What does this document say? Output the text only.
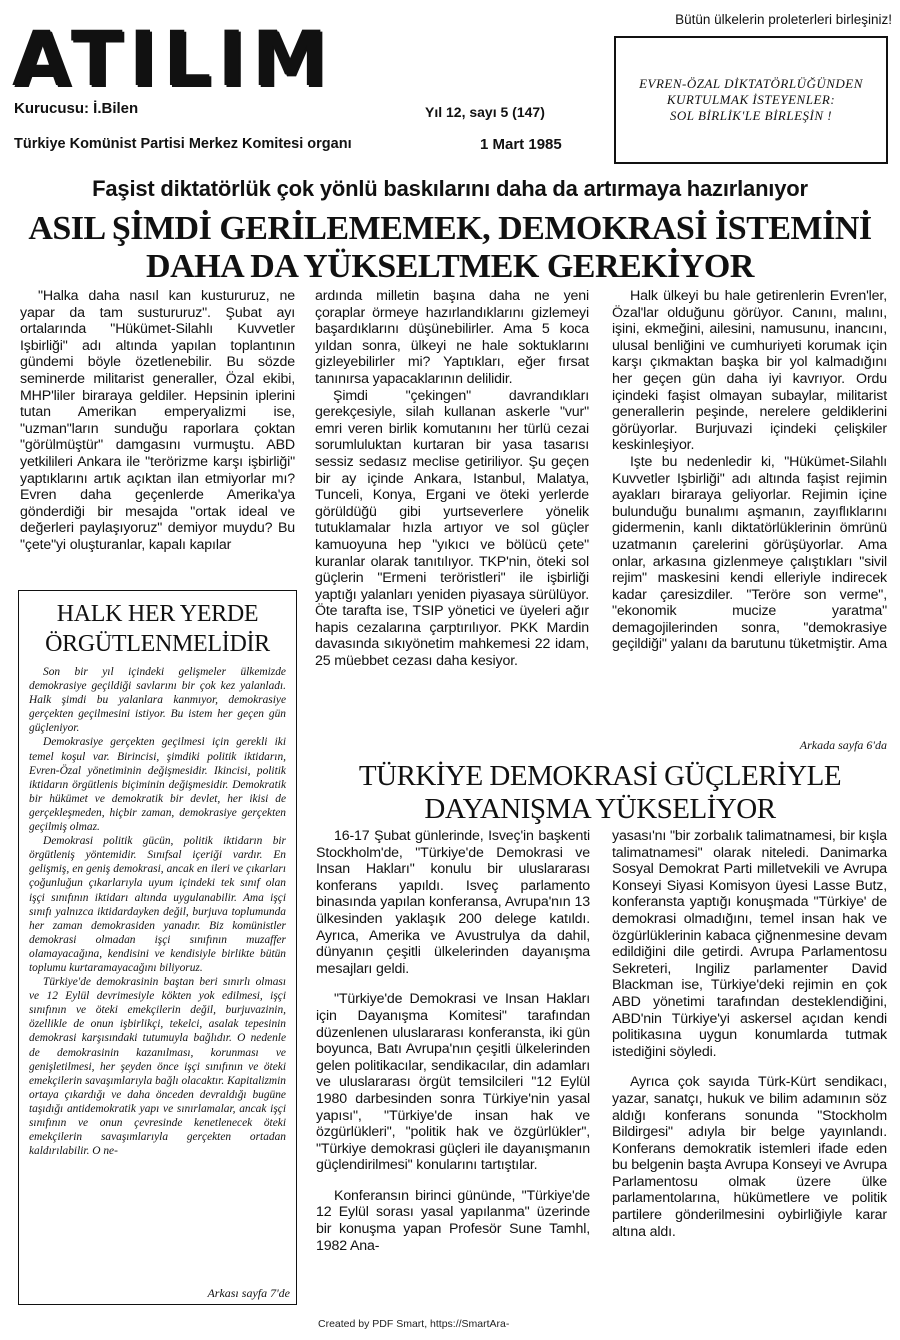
ATILIM
Kurucusu: İ.Bilen	Yıl 12, sayı 5 (147)
Türkiye Komünist Partisi Merkez Komitesi organı	1 Mart 1985
Bütün ülkelerin proleterleri birleşiniz!
EVREN-ÖZAL DİKTATÖRLÜĞÜNDEN
KURTULMAK İSTEYENLER:
SOL BİRLİK'LE BİRLEŞİN !
Faşist diktatörlük çok yönlü baskılarını daha da artırmaya hazırlanıyor
ASIL ŞİMDİ GERİLEMEMEK, DEMOKRASİ İSTEMİNİ
DAHA DA YÜKSELTMEK GEREKİYOR

"Halka daha nasıl kan kustururuz, ne yapar da tam sustururuz". Şubat ayı ortalarında "Hükümet-Silahlı Kuvvetler Işbirliği" adı altında yapılan toplantının gündemi böyle özetlenebilir. Bu sözde seminerde militarist generaller, Özal ekibi, MHP'liler biraraya geldiler. Hepsinin iplerini tutan Amerikan emperyalizmi ise, "uzman"ların sunduğu raporlara çoktan "görülmüştür" damgasını vurmuştu. ABD yetkilileri Ankara ile "terörizme karşı işbirliği" yaptıklarını artık açıktan ilan etmiyorlar mı? Evren daha geçenlerde Amerika'ya gönderdiği bir mesajda "ortak ideal ve değerleri paylaşıyoruz" demiyor muydu? Bu "çete"yi oluşturanlar, kapalı kapılar

ardında milletin başına daha ne yeni çoraplar örmeye hazırlandıklarını gizlemeyi başardıklarını düşünebilirler. Ama 5 koca yıldan sonra, ülkeyi ne hale soktuklarını gizleyebilirler mi? Yaptıkları, eğer fırsat tanınırsa yapacaklarının delilidir.

Şimdi "çekingen" davrandıkları gerekçesiyle, silah kullanan askerle "vur" emri veren birlik komutanını her türlü cezai sorumluluktan kurtaran bir yasa tasarısı sessiz sedasız meclise getiriliyor. Şu geçen bir ay içinde Ankara, Istanbul, Malatya, Tunceli, Konya, Ergani ve öteki yerlerde görüldüğü gibi yurtseverlere yönelik tutuklamalar hızla artıyor ve sol güçler kamuoyuna hep "yıkıcı ve bölücü çete" kuranlar olarak tanıtılıyor. TKP'nin, öteki sol güçlerin "Ermeni teröristleri" ile işbirliği yaptığı yalanları yeniden piyasaya sürülüyor. Öte tarafta ise, TSIP yönetici ve üyeleri ağır hapis cezalarına çarptırılıyor. PKK Mardin davasında sıkıyönetim mahkemesi 22 idam, 25 müebbet cezası daha kesiyor.

Halk ülkeyi bu hale getirenlerin Evren'ler, Özal'lar olduğunu görüyor. Canını, malını, işini, ekmeğini, ailesini, namusunu, inancını, ulusal benliğini ve cumhuriyeti korumak için karşı çıkmaktan başka bir yol kalmadığını her geçen gün daha iyi kavrıyor. Ordu içindeki faşist olmayan subaylar, militarist generallerin peşinde, nerelere geldiklerini görüyorlar. Burjuvazi içindeki çelişkiler keskinleşiyor.

Işte bu nedenledir ki, "Hükümet-Silahlı Kuvvetler Işbirliği" adı altında faşist rejimin ayakları biraraya geliyorlar. Rejimin içine bulunduğu bunalımı aşmanın, zayıflıklarını gidermenin, kanlı diktatörlüklerinin ömrünü uzatmanın çarelerini görüşüyorlar. Ama onlar, arkasına gizlenmeye çalıştıkları "sivil rejim" maskesini kendi elleriyle indirecek kadar çaresizdiler. "Teröre son verme", "ekonomik mucize yaratma" demagojilerinden sonra, "demokrasiye geçildiği" yalanı da barutunu tüketmiştir. Ama

Arkada sayfa 6'da
HALK HER YERDE
ÖRGÜTLENMELİDİR

Son bir yıl içindeki gelişmeler ülkemizde demokrasiye geçildiği savlarını bir çok kez yalanladı. Halk şimdi bu yalanlara kanmıyor, demokrasiye gerçekten geçilmesini istiyor. Bu istem her geçen gün güçleniyor.

Demokrasiye gerçekten geçilmesi için gerekli iki temel koşul var. Birincisi, şimdiki politik iktidarın, Evren-Özal yönetiminin değişmesidir. Ikincisi, politik iktidarın örgütlenis biçiminin değişmesidir. Demokratik bir hükümet ve demokratik bir devlet, her ikisi de gerçekleşmeden, hiçbir zaman, demokrasiye gerçekten geçilmiş olmaz.

Demokrasi politik gücün, politik iktidarın bir örgütleniş yöntemidir. Sınıfsal içeriği vardır. En gelişmiş, en geniş demokrasi, ancak en ileri ve çıkarları çoğunluğun çıkarlarıyla uyum içindeki tek sınıf olan işçi sınıfının iktidarı altında uygulanabilir. Ama işçi sınıfı yalnızca iktidardayken değil, burjuva toplumunda her zaman demokrasiden yanadır. Biz komünistler demokrasi olmadan işçi sınıfının muzaffer olamayacağına, kendisini ve kendisiyle birlikte bütün toplumu kurtaramayacağını biliyoruz.

Türkiye'de demokrasinin baştan beri sınırlı olması ve 12 Eylül devrimesiyle kökten yok edilmesi, işçi sınıfının ve öteki emekçilerin değil, burjuvazinin, özellikle de onun işbirlikçi, tekelci, asalak tepesinin demokrasi karşısındaki tutumuyla bağlıdır. O nedenle de demokrasinin kazanılması, korunması ve genişletilmesi, her şeyden önce işçi sınıfının ve öteki emekçilerin savaşımlarıyla bağlı olacaktır. Kapitalizmin ortaya çıkardığı ve daha önceden devraldığı bugüne taşıdığı antidemokratik yapı ve sınırlamalar, ancak işçi sınıfının ve onun çevresinde kenetlenecek öteki emekçilerin savaşımlarıyla gerçekten ortadan kaldırılabilir. O ne-

Arkası sayfa 7'de
TÜRKİYE DEMOKRASİ GÜÇLERİYLE
DAYANIŞMA YÜKSELİYOR

16-17 Şubat günlerinde, Isveç'in başkenti Stockholm'de, "Türkiye'de Demokrasi ve Insan Hakları" konulu bir uluslararası konferans yapıldı. Isveç parlamento binasında yapılan konferansa, Avrupa'nın 13 ülkesinden yaklaşık 200 delege katıldı. Ayrıca, Amerika ve Avustrulya da dahil, dünyanın çeşitli ülkelerinden dayanışma mesajları geldi.

"Türkiye'de Demokrasi ve Insan Hakları için Dayanışma Komitesi" tarafından düzenlenen uluslararası konferansta, iki gün boyunca, Batı Avrupa'nın çeşitli ülkelerinden gelen politikacılar, sendikacılar, din adamları ve uluslararası örgüt temsilcileri "12 Eylül 1980 darbesinden sonra Türkiye'nin yasal yapısı", "Türkiye'de insan hak ve özgürlükleri", "politik hak ve özgürlükler", "Türkiye demokrasi güçleri ile dayanışmanın güçlendirilmesi" konularını tartıştılar.

Konferansın birinci gününde, "Türkiye'de 12 Eylül sorası yasal yapılanma" üzerinde bir konuşma yapan Profesör Sune Tamhl, 1982 Ana-

yasası'nı "bir zorbalık talimatnamesi, bir kışla talimatnamesi" olarak niteledi. Danimarka Sosyal Demokrat Parti milletvekili ve Avrupa Konseyi Siyasi Komisyon üyesi Lasse Butz, konferansta yaptığı konuşmada "Türkiye' de demokrasi olmadığını, temel insan hak ve özgürlüklerinin kabaca çiğnenmesine devam edildiğini dile getirdi. Avrupa Parlamentosu Sekreteri, Ingiliz parlamenter David Blackman ise, Türkiye'deki rejimin en çok ABD yönetimi tarafından desteklendiğini, ABD'nin Türkiye'yi askersel açıdan kendi politikasına uygun konumlarda tutmak istediğini söyledi.

Ayrıca çok sayıda Türk-Kürt sendikacı, yazar, sanatçı, hukuk ve bilim adamının söz aldığı konferans sonunda "Stockholm Bildirgesi" adıyla bir belge yayınlandı. Konferans demokratik istemleri ifade eden bu belgenin başta Avrupa Konseyi ve Avrupa Parlamentosu olmak üzere ülke parlamentolarına, hükümetlere ve politik partilere gönderilmesini oybirliğiyle karar altına aldı.

Created by PDF Smart, https://SmartAra-
